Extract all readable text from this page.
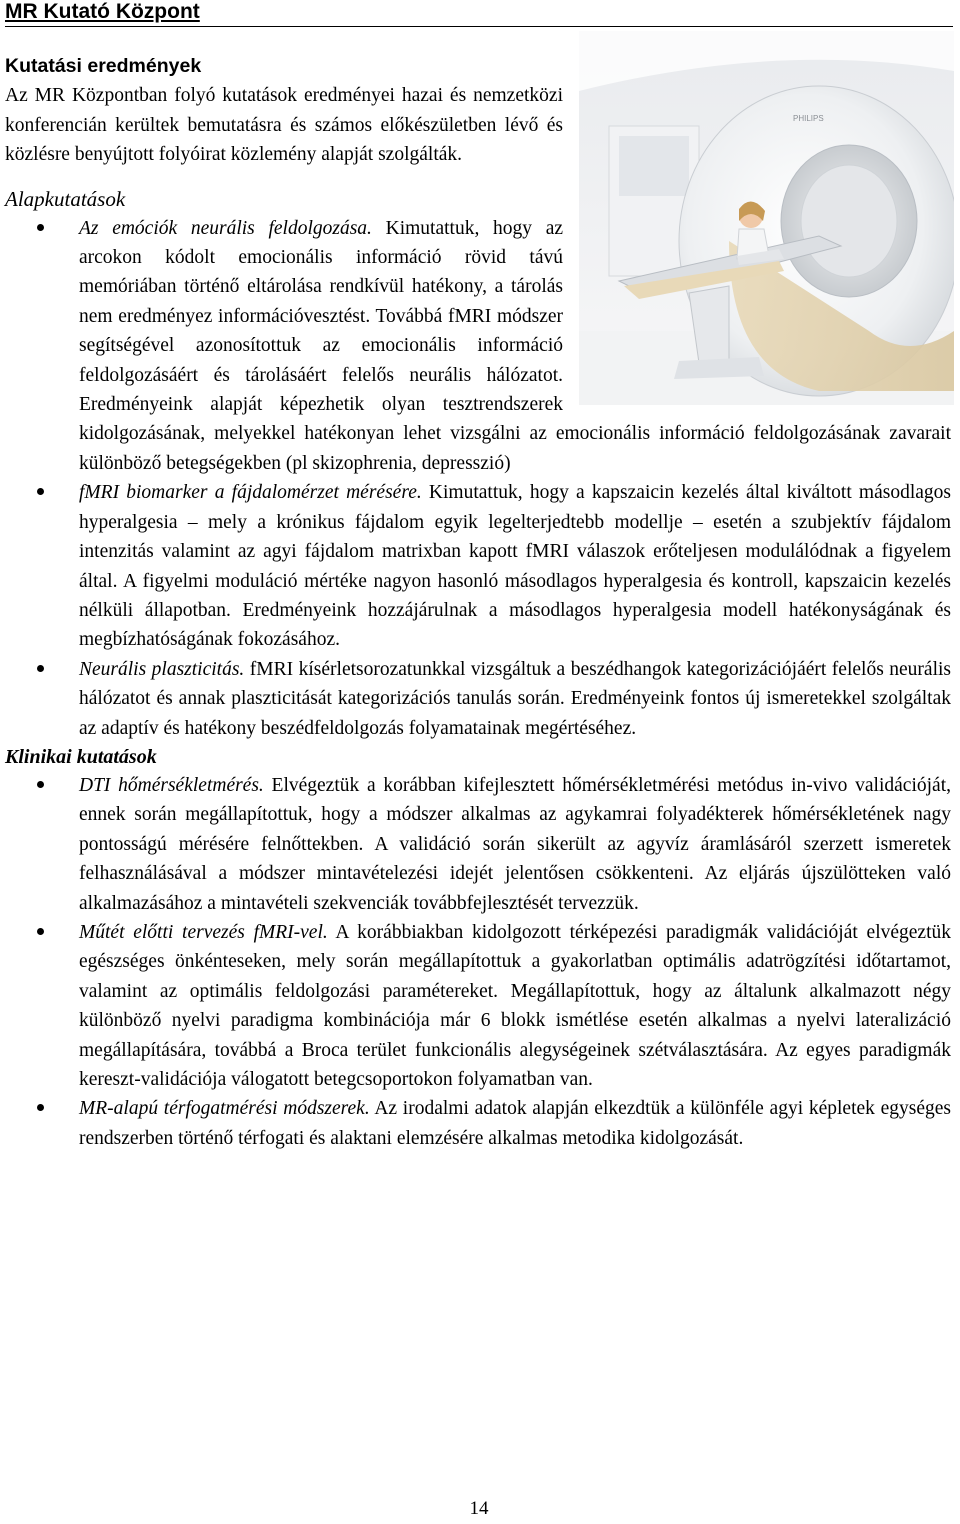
MR Kutató Központ
PHILIPS
Kutatási eredmények

Az MR Központban folyó kutatások eredményei hazai és nemzetközi konferencián kerültek bemutatásra és számos előkészületben lévő és közlésre benyújtott folyóirat közlemény alapját szolgálták.

Alapkutatások
Az emóciók neurális feldolgozása. Kimutattuk, hogy az arcokon kódolt emocionális információ rövid távú memóriában történő eltárolása rendkívül hatékony, a tárolás nem eredményez információvesztést. Továbbá fMRI módszer segítségével azonosítottuk az emocionális információ feldolgozásáért és tárolásáért felelős neurális hálózatot. Eredményeink alapját képezhetik olyan tesztrendszerek kidolgozásának, melyekkel hatékonyan lehet vizsgálni az emocionális információ feldolgozásának zavarait különböző betegségekben (pl skizophrenia, depresszió)
fMRI biomarker a fájdalomérzet mérésére. Kimutattuk, hogy a kapszaicin kezelés által kiváltott másodlagos hyperalgesia – mely a krónikus fájdalom egyik legelterjedtebb modellje – esetén a szubjektív fájdalom intenzitás valamint az agyi fájdalom matrixban kapott fMRI válaszok erőteljesen modulálódnak a figyelem által. A figyelmi moduláció mértéke nagyon hasonló másodlagos hyperalgesia és kontroll, kapszaicin kezelés nélküli állapotban. Eredményeink hozzájárulnak a másodlagos hyperalgesia modell hatékonyságának és megbízhatóságának fokozásához.
Neurális plaszticitás. fMRI kísérletsorozatunkkal vizsgáltuk a beszédhangok kategorizációjáért felelős neurális hálózatot és annak plaszticitását kategorizációs tanulás során. Eredményeink fontos új ismeretekkel szolgáltak az adaptív és hatékony beszédfeldolgozás folyamatainak megértéséhez.
Klinikai kutatások
DTI hőmérsékletmérés. Elvégeztük a korábban kifejlesztett hőmérsékletmérési metódus in-vivo validációját, ennek során megállapítottuk, hogy a módszer alkalmas az agykamrai folyadékterek hőmérsékletének nagy pontosságú mérésére felnőttekben. A validáció során sikerült az agyvíz áramlásáról szerzett ismeretek felhasználásával a módszer mintavételezési idejét jelentősen csökkenteni. Az eljárás újszülötteken való alkalmazásához a mintavételi szekvenciák továbbfejlesztését tervezzük.
Műtét előtti tervezés fMRI-vel. A korábbiakban kidolgozott térképezési paradigmák validációját elvégeztük egészséges önkénteseken, mely során megállapítottuk a gyakorlatban optimális adatrögzítési időtartamot, valamint az optimális feldolgozási paramétereket. Megállapítottuk, hogy az általunk alkalmazott négy különböző nyelvi paradigma kombinációja már 6 blokk ismétlése esetén alkalmas a nyelvi lateralizáció megállapítására, továbbá a Broca terület funkcionális alegységeinek szétválasztására. Az egyes paradigmák kereszt-validációja válogatott betegcsoportokon folyamatban van.
MR-alapú térfogatmérési módszerek. Az irodalmi adatok alapján elkezdtük a különféle agyi képletek egységes rendszerben történő térfogati és alaktani elemzésére alkalmas metodika kidolgozását.
14
